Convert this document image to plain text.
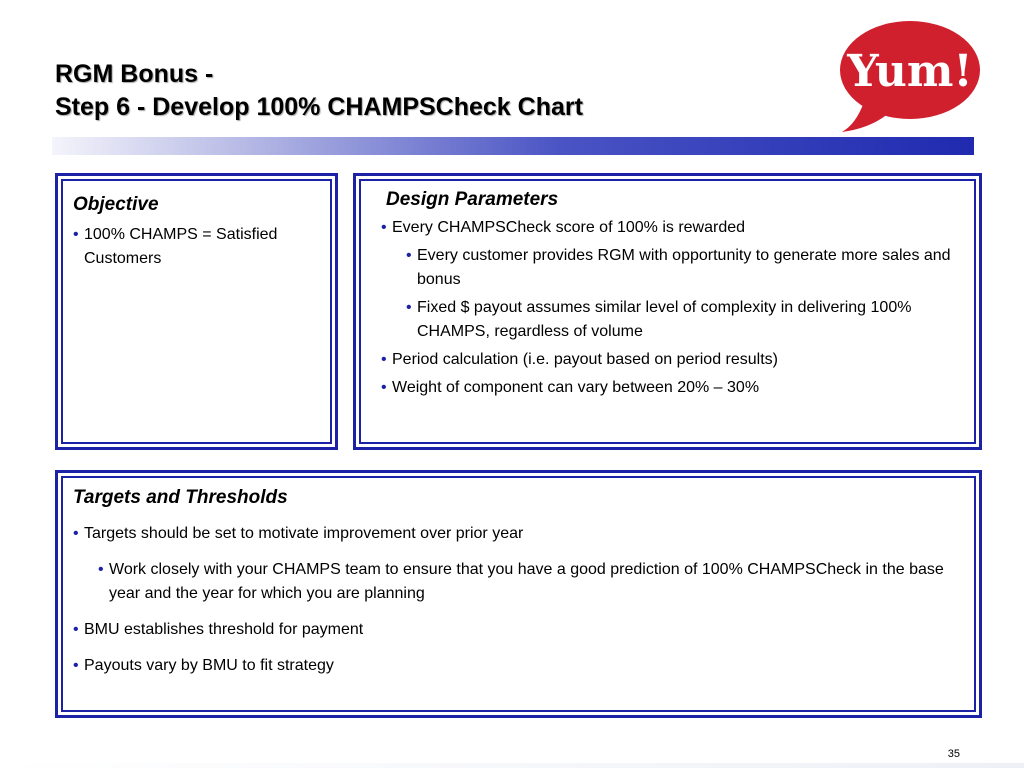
RGM Bonus -
Step 6 - Develop 100% CHAMPSCheck Chart
Yum!
Objective
• 100% CHAMPS = Satisfied Customers
Design Parameters
• Every CHAMPSCheck score of 100% is rewarded
• Every customer provides RGM with opportunity to generate more sales and bonus
• Fixed $ payout assumes similar level of complexity in delivering 100% CHAMPS, regardless of volume
• Period calculation (i.e. payout based on period results)
• Weight of component can vary between 20% – 30%
Targets and Thresholds
• Targets should be set to motivate improvement over prior year
• Work closely with your CHAMPS team to ensure that you have a good prediction of 100% CHAMPSCheck in the base year and the year for which you are planning
• BMU establishes threshold for payment
• Payouts vary by BMU to fit strategy
35
